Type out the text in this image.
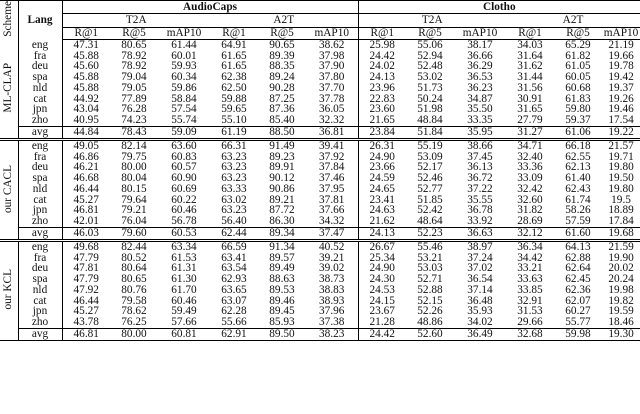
Scheme	Lang	AudioCaps						Clotho					
		T2A			A2T			T2A			A2T		
		R@1	R@5	mAP10	R@1	R@5	mAP10	R@1	R@5	mAP10	R@1	R@5	mAP10
ML-CLAP	eng	47.31	80.65	61.44	64.91	90.65	38.62	25.98	55.06	38.17	34.03	65.29	21.19
	fra	45.88	78.92	60.01	61.65	89.39	37.98	24.42	52.94	36.66	31.64	61.82	19.66
	deu	45.60	78.92	59.93	61.65	88.35	37.90	24.02	52.48	36.29	31.62	61.05	19.78
	spa	45.88	79.04	60.34	62.38	89.24	37.80	24.13	53.02	36.53	31.44	60.05	19.42
	nld	45.88	79.05	59.86	62.50	90.28	37.70	23.96	51.73	36.23	31.56	60.68	19.37
	cat	44.92	77.89	58.84	59.88	87.25	37.78	22.83	50.24	34.87	30.91	61.83	19.26
	jpn	43.04	76.28	57.54	59.65	87.36	36.05	23.60	51.98	35.50	31.65	59.80	19.46
	zho	40.95	74.23	55.74	55.10	85.40	32.32	21.65	48.84	33.35	27.79	59.37	17.54
	avg	44.84	78.43	59.09	61.19	88.50	36.81	23.84	51.84	35.95	31.27	61.06	19.22
our CACL	eng	49.05	82.14	63.60	66.31	91.49	39.41	26.31	55.19	38.66	34.71	66.18	21.57
	fra	46.86	79.75	60.83	63.23	89.23	37.92	24.90	53.09	37.45	32.40	62.55	19.71
	deu	46.21	80.00	60.57	63.23	89.91	37.84	23.66	52.17	36.13	33.36	62.13	19.80
	spa	46.68	80.04	60.90	63.23	90.12	37.46	24.59	52.46	36.72	33.09	61.40	19.50
	nld	46.44	80.15	60.69	63.33	90.86	37.95	24.65	52.77	37.22	32.42	62.43	19.80
	cat	45.27	79.64	60.22	63.02	89.21	37.81	23.41	51.85	35.55	32.60	61.74	19.5
	jpn	46.81	79.21	60.46	63.23	87.72	37.66	24.63	52.42	36.78	31.82	58.26	18.89
	zho	42.01	76.04	56.78	56.40	86.30	34.32	21.62	48.64	33.92	28.69	57.59	17.84
	avg	46.03	79.60	60.53	62.44	89.34	37.47	24.13	52.23	36.63	32.12	61.60	19.68
our KCL	eng	49.68	82.44	63.34	66.59	91.34	40.52	26.67	55.46	38.97	36.34	64.13	21.59
	fra	47.79	80.52	61.53	63.41	89.57	39.21	25.34	53.21	37.24	34.42	62.88	19.90
	deu	47.81	80.64	61.31	63.54	89.49	39.02	24.90	53.03	37.02	33.21	62.64	20.02
	spa	47.79	80.65	61.30	62.93	88.63	38.73	24.30	52.71	36.54	33.63	62.45	20.24
	nld	47.92	80.76	61.70	63.65	89.53	38.83	24.53	52.88	37.14	33.85	62.36	19.98
	cat	46.44	79.58	60.46	63.07	89.46	38.93	24.15	52.15	36.48	32.91	62.07	19.82
	jpn	45.27	78.62	59.49	62.28	89.45	37.96	23.67	52.26	35.93	31.53	60.27	19.59
	zho	43.78	76.25	57.66	55.66	85.93	37.38	21.28	48.86	34.02	29.66	55.77	18.46
	avg	46.81	80.00	60.81	62.91	89.50	38.23	24.42	52.60	36.49	32.68	59.98	19.30
